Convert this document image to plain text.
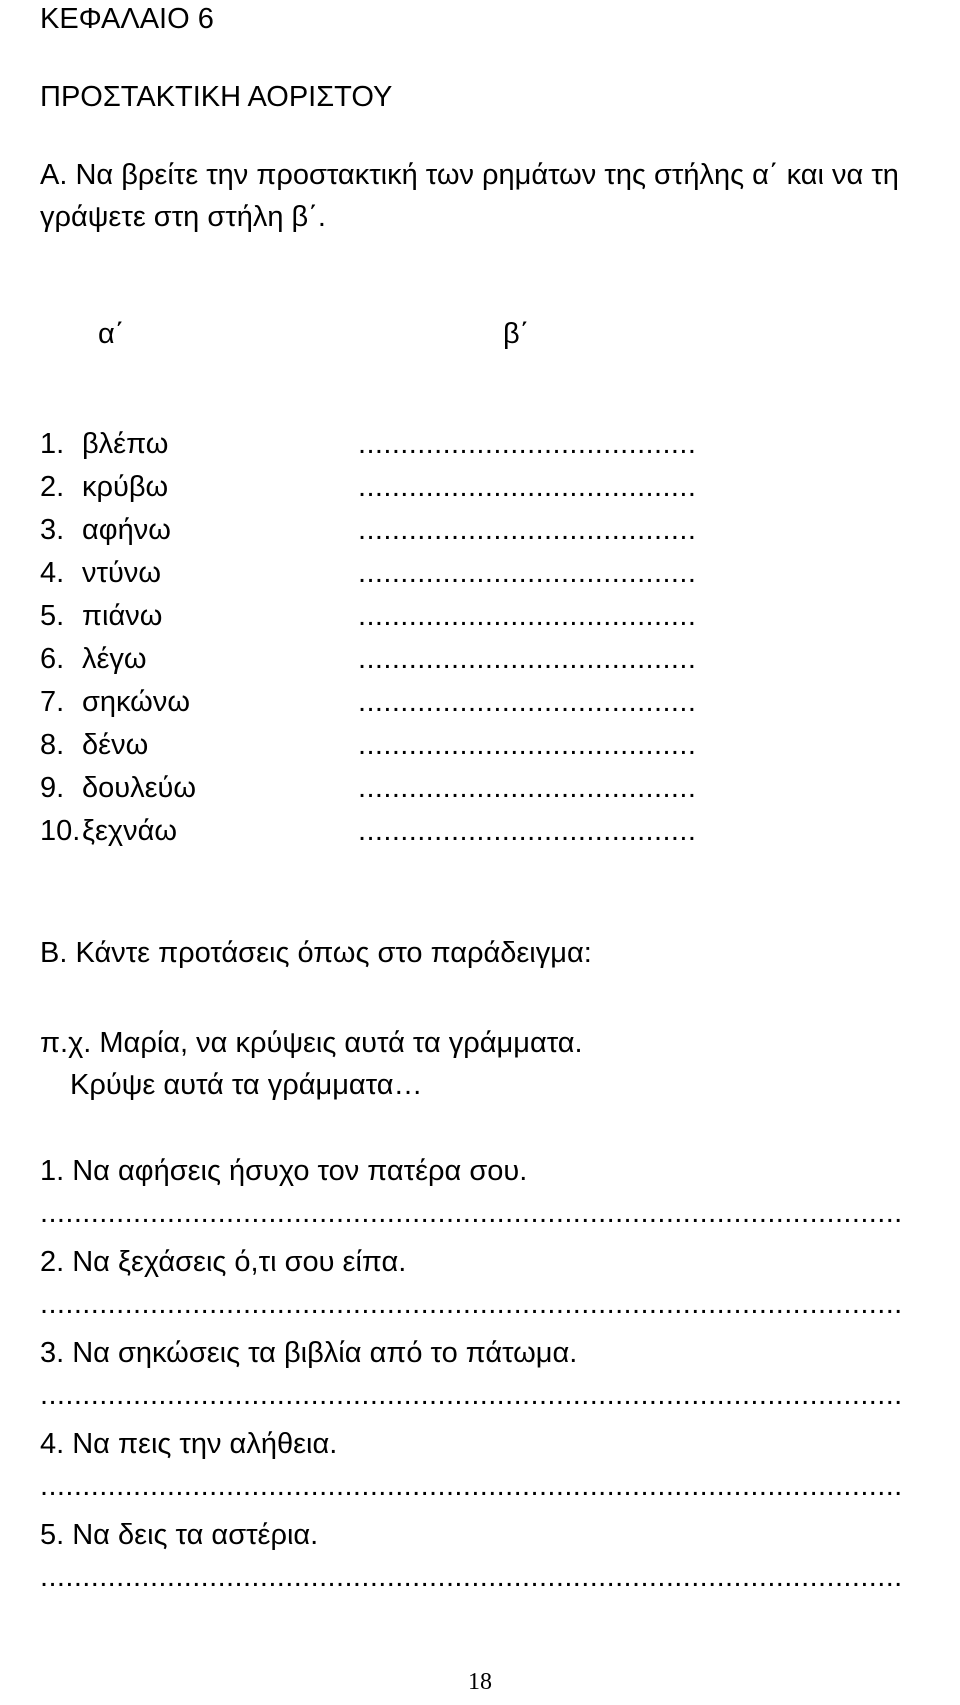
ΚΕΦΑΛΑΙΟ 6
ΠΡΟΣΤΑΚΤΙΚΗ ΑΟΡΙΣΤΟΥ
Α. Να βρείτε την προστακτική των ρημάτων της στήλης α΄ και να τη
γράψετε στη στήλη β΄.
α΄	β΄
1. βλέπω	........................................
2. κρύβω	........................................
3. αφήνω	........................................
4. ντύνω	........................................
5. πιάνω	........................................
6. λέγω	........................................
7. σηκώνω	........................................
8. δένω	........................................
9. δουλεύω	........................................
10. ξεχνάω	........................................
Β. Κάντε προτάσεις όπως στο παράδειγμα:
π.χ. Μαρία, να κρύψεις αυτά τα γράμματα.
Κρύψε αυτά τα γράμματα…
1. Να αφήσεις ήσυχο τον πατέρα σου.
......................................................................................................
2. Να ξεχάσεις ό,τι σου είπα.
......................................................................................................
3. Να σηκώσεις τα βιβλία από το πάτωμα.
......................................................................................................
4. Να πεις την αλήθεια.
......................................................................................................
5. Να δεις τα αστέρια.
......................................................................................................
18
